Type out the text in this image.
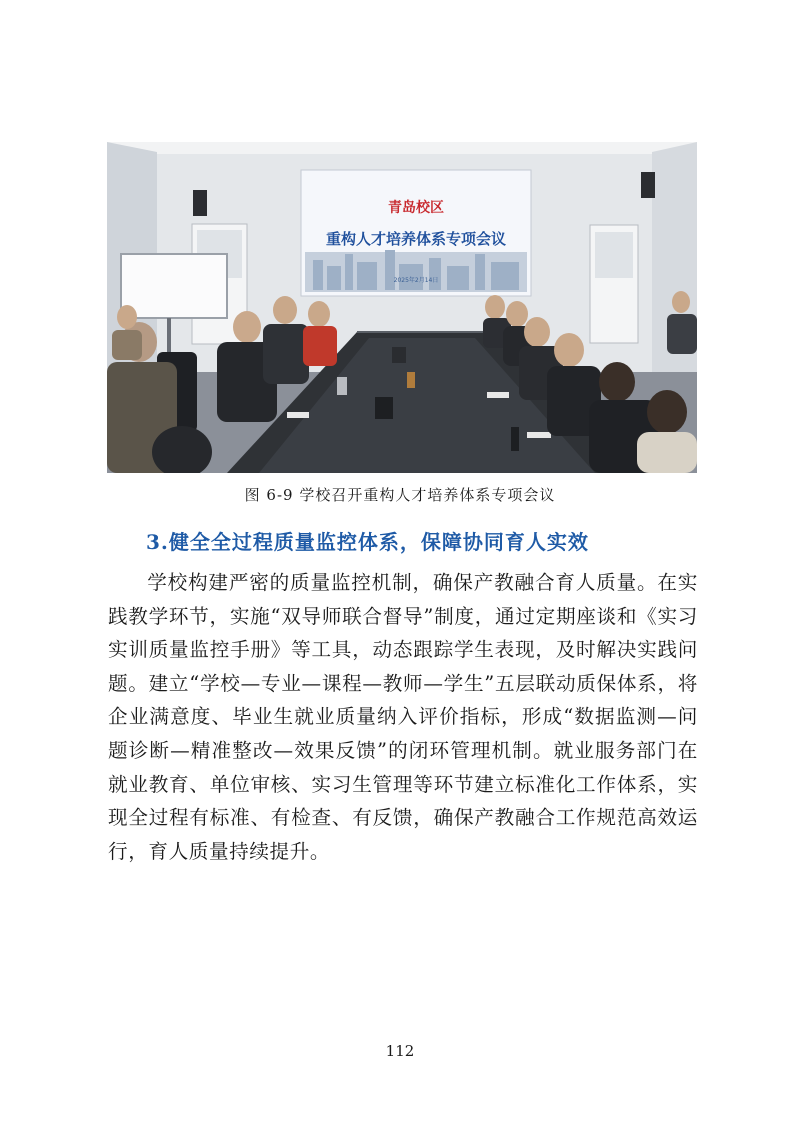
青岛校区
重构人才培养体系专项会议
2025年2月14日
图 6-9 学校召开重构人才培养体系专项会议
3.健全全过程质量监控体系，保障协同育人实效

学校构建严密的质量监控机制，确保产教融合育人质量。在实践教学环节，实施“双导师联合督导”制度，通过定期座谈和《实习实训质量监控手册》等工具，动态跟踪学生表现，及时解决实践问题。建立“学校—专业—课程—教师—学生”五层联动质保体系，将企业满意度、毕业生就业质量纳入评价指标，形成“数据监测—问题诊断—精准整改—效果反馈”的闭环管理机制。就业服务部门在就业教育、单位审核、实习生管理等环节建立标准化工作体系，实现全过程有标准、有检查、有反馈，确保产教融合工作规范高效运行，育人质量持续提升。

112
